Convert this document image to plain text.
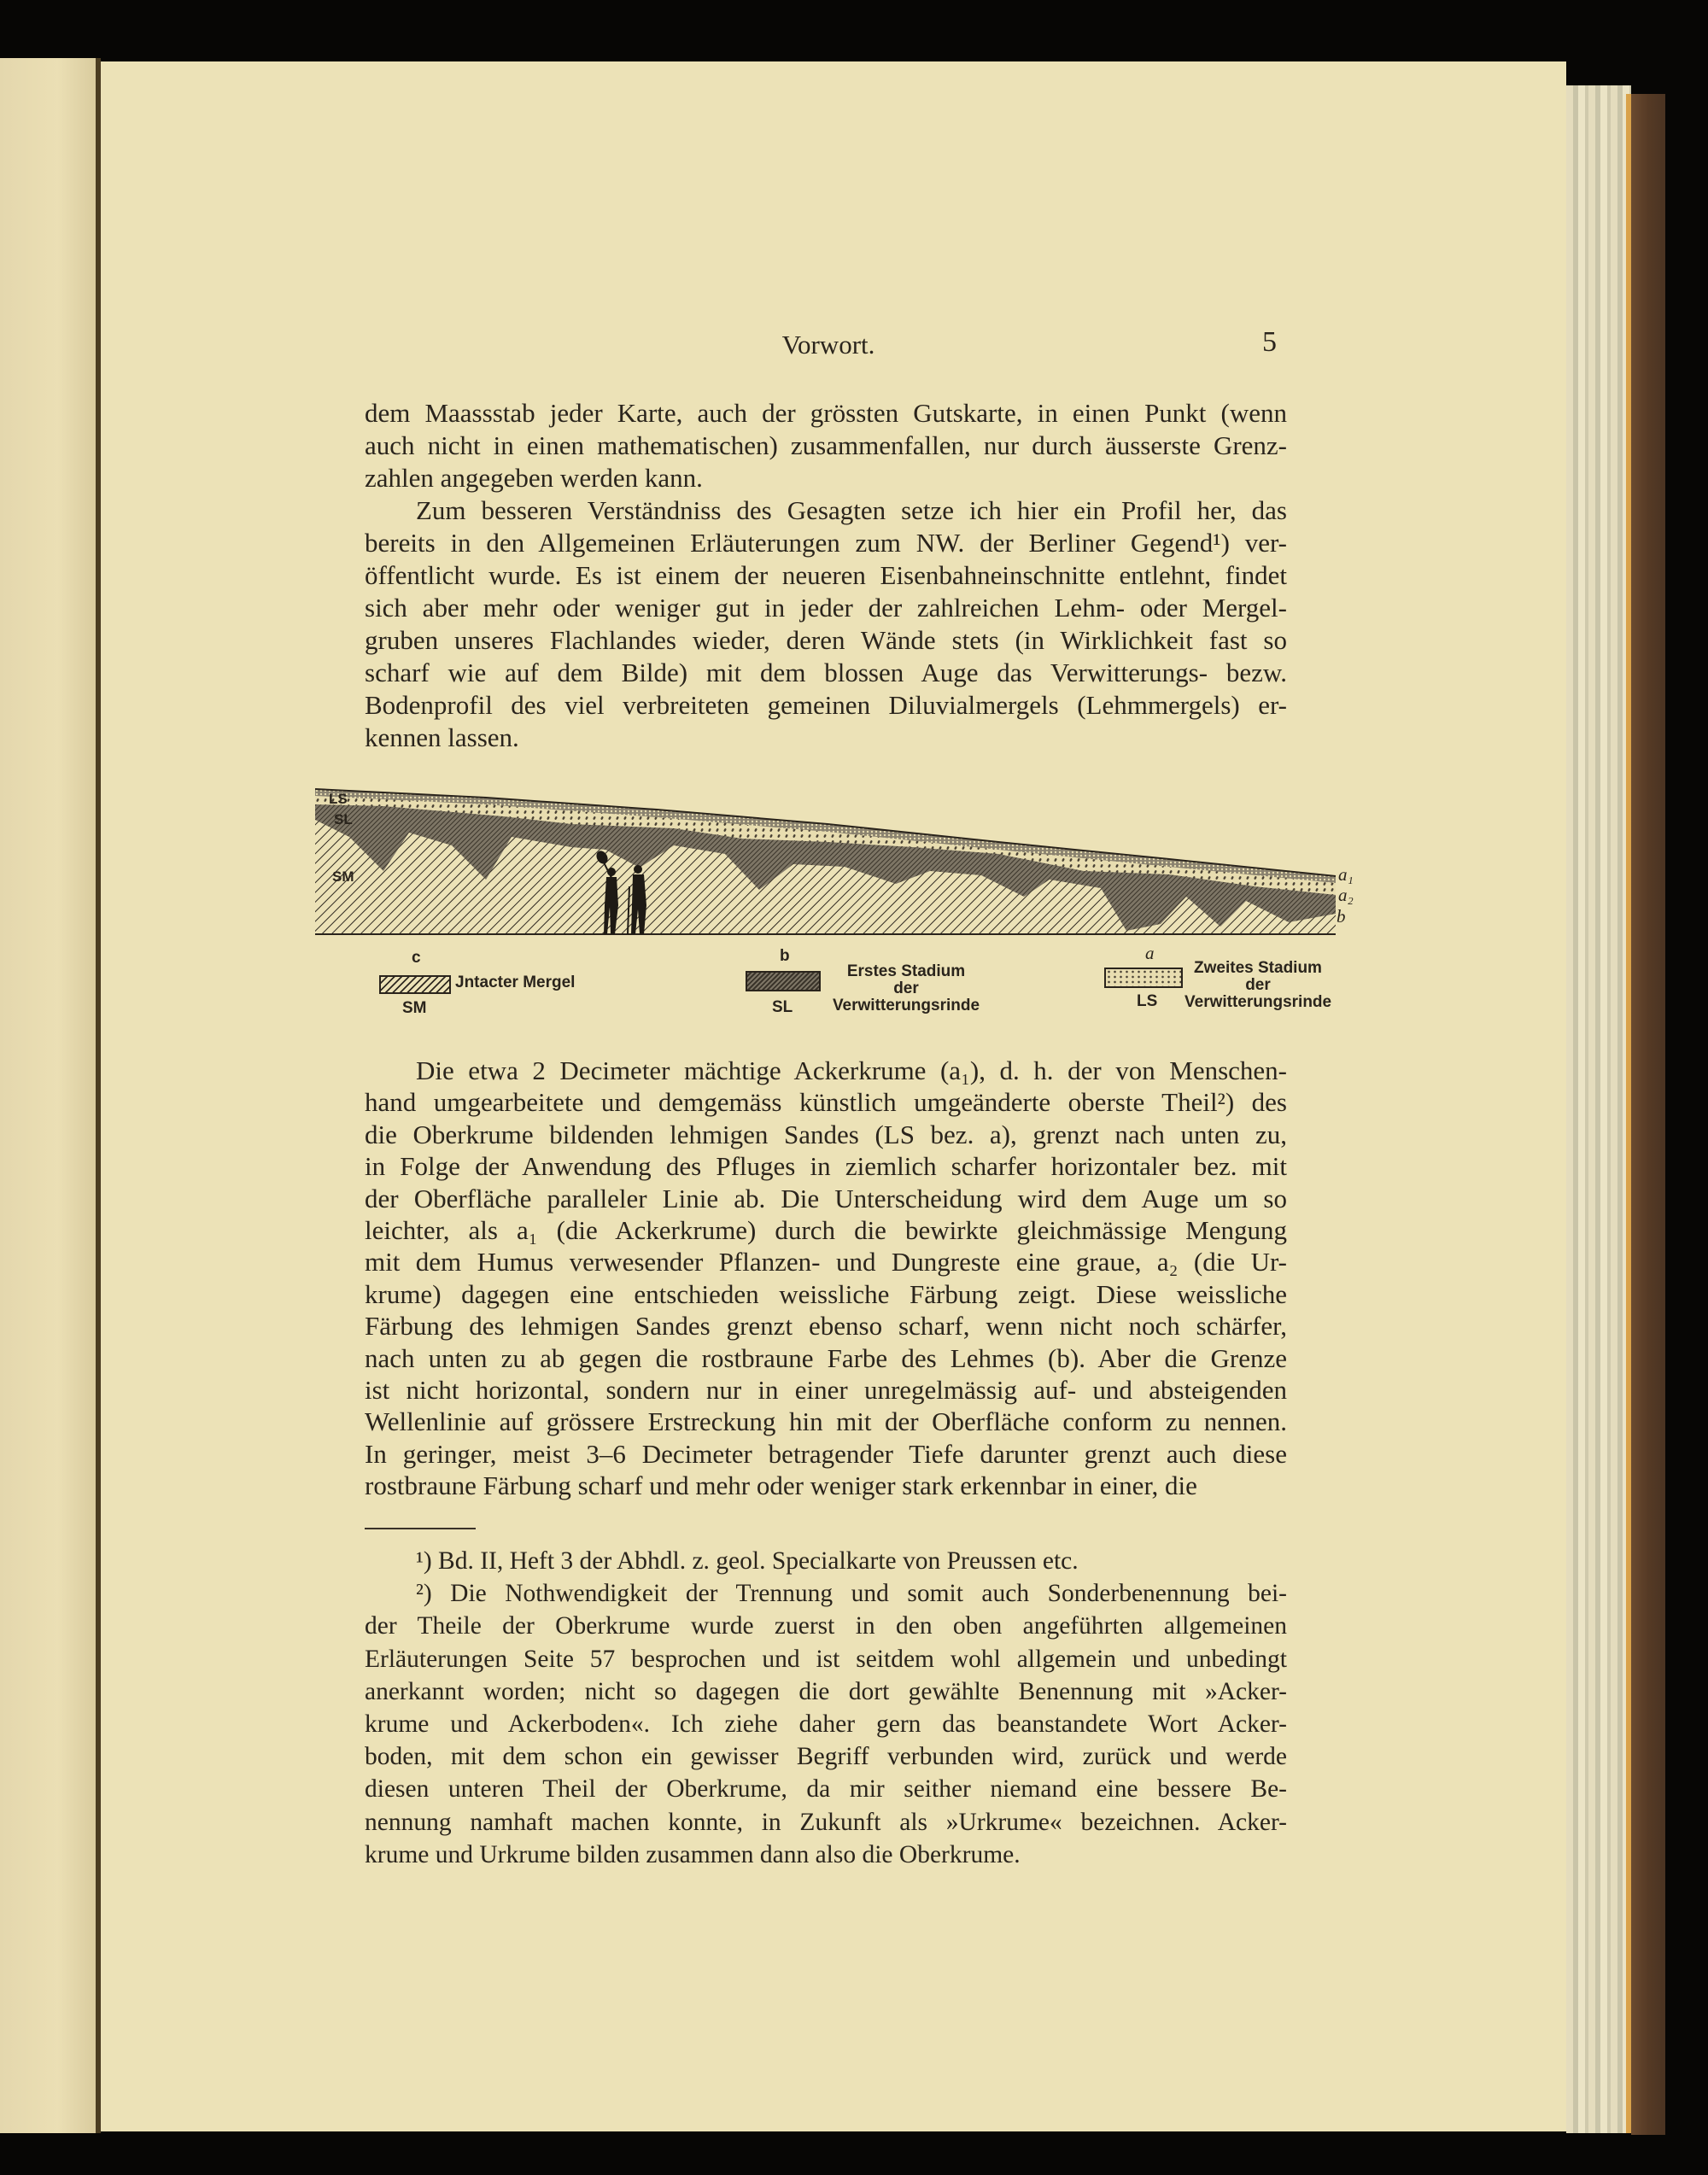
Vorwort.	5
dem Maassstab jeder Karte, auch der grössten Gutskarte, in einen Punkt (wenn
auch nicht in einen mathematischen) zusammenfallen, nur durch äusserste Grenz-
zahlen angegeben werden kann.
Zum besseren Verständniss des Gesagten setze ich hier ein Profil her, das
bereits in den Allgemeinen Erläuterungen zum NW. der Berliner Gegend¹) ver-
öffentlicht wurde. Es ist einem der neueren Eisenbahneinschnitte entlehnt, findet
sich aber mehr oder weniger gut in jeder der zahlreichen Lehm- oder Mergel-
gruben unseres Flachlandes wieder, deren Wände stets (in Wirklichkeit fast so
scharf wie auf dem Bilde) mit dem blossen Auge das Verwitterungs- bezw.
Bodenprofil des viel verbreiteten gemeinen Diluvialmergels (Lehmmergels) er-
kennen lassen.
LS
SL
SM	a₁
a₂
b
c
Jntacter Mergel
SM
b
Erstes Stadium
der
Verwitterungsrinde
SL
a
Zweites Stadium
der
Verwitterungsrinde
LS
Die etwa 2 Decimeter mächtige Ackerkrume (a₁), d. h. der von Menschen-
hand umgearbeitete und demgemäss künstlich umgeänderte oberste Theil²) des
die Oberkrume bildenden lehmigen Sandes (LS bez. a), grenzt nach unten zu,
in Folge der Anwendung des Pfluges in ziemlich scharfer horizontaler bez. mit
der Oberfläche paralleler Linie ab. Die Unterscheidung wird dem Auge um so
leichter, als a₁ (die Ackerkrume) durch die bewirkte gleichmässige Mengung
mit dem Humus verwesender Pflanzen- und Dungreste eine graue, a₂ (die Ur-
krume) dagegen eine entschieden weissliche Färbung zeigt. Diese weissliche
Färbung des lehmigen Sandes grenzt ebenso scharf, wenn nicht noch schärfer,
nach unten zu ab gegen die rostbraune Farbe des Lehmes (b). Aber die Grenze
ist nicht horizontal, sondern nur in einer unregelmässig auf- und absteigenden
Wellenlinie auf grössere Erstreckung hin mit der Oberfläche conform zu nennen.
In geringer, meist 3–6 Decimeter betragender Tiefe darunter grenzt auch diese
rostbraune Färbung scharf und mehr oder weniger stark erkennbar in einer, die
¹) Bd. II, Heft 3 der Abhdl. z. geol. Specialkarte von Preussen etc.
²) Die Nothwendigkeit der Trennung und somit auch Sonderbenennung bei-
der Theile der Oberkrume wurde zuerst in den oben angeführten allgemeinen
Erläuterungen Seite 57 besprochen und ist seitdem wohl allgemein und unbedingt
anerkannt worden; nicht so dagegen die dort gewählte Benennung mit »Acker-
krume und Ackerboden«. Ich ziehe daher gern das beanstandete Wort Acker-
boden, mit dem schon ein gewisser Begriff verbunden wird, zurück und werde
diesen unteren Theil der Oberkrume, da mir seither niemand eine bessere Be-
nennung namhaft machen konnte, in Zukunft als »Urkrume« bezeichnen. Acker-
krume und Urkrume bilden zusammen dann also die Oberkrume.
